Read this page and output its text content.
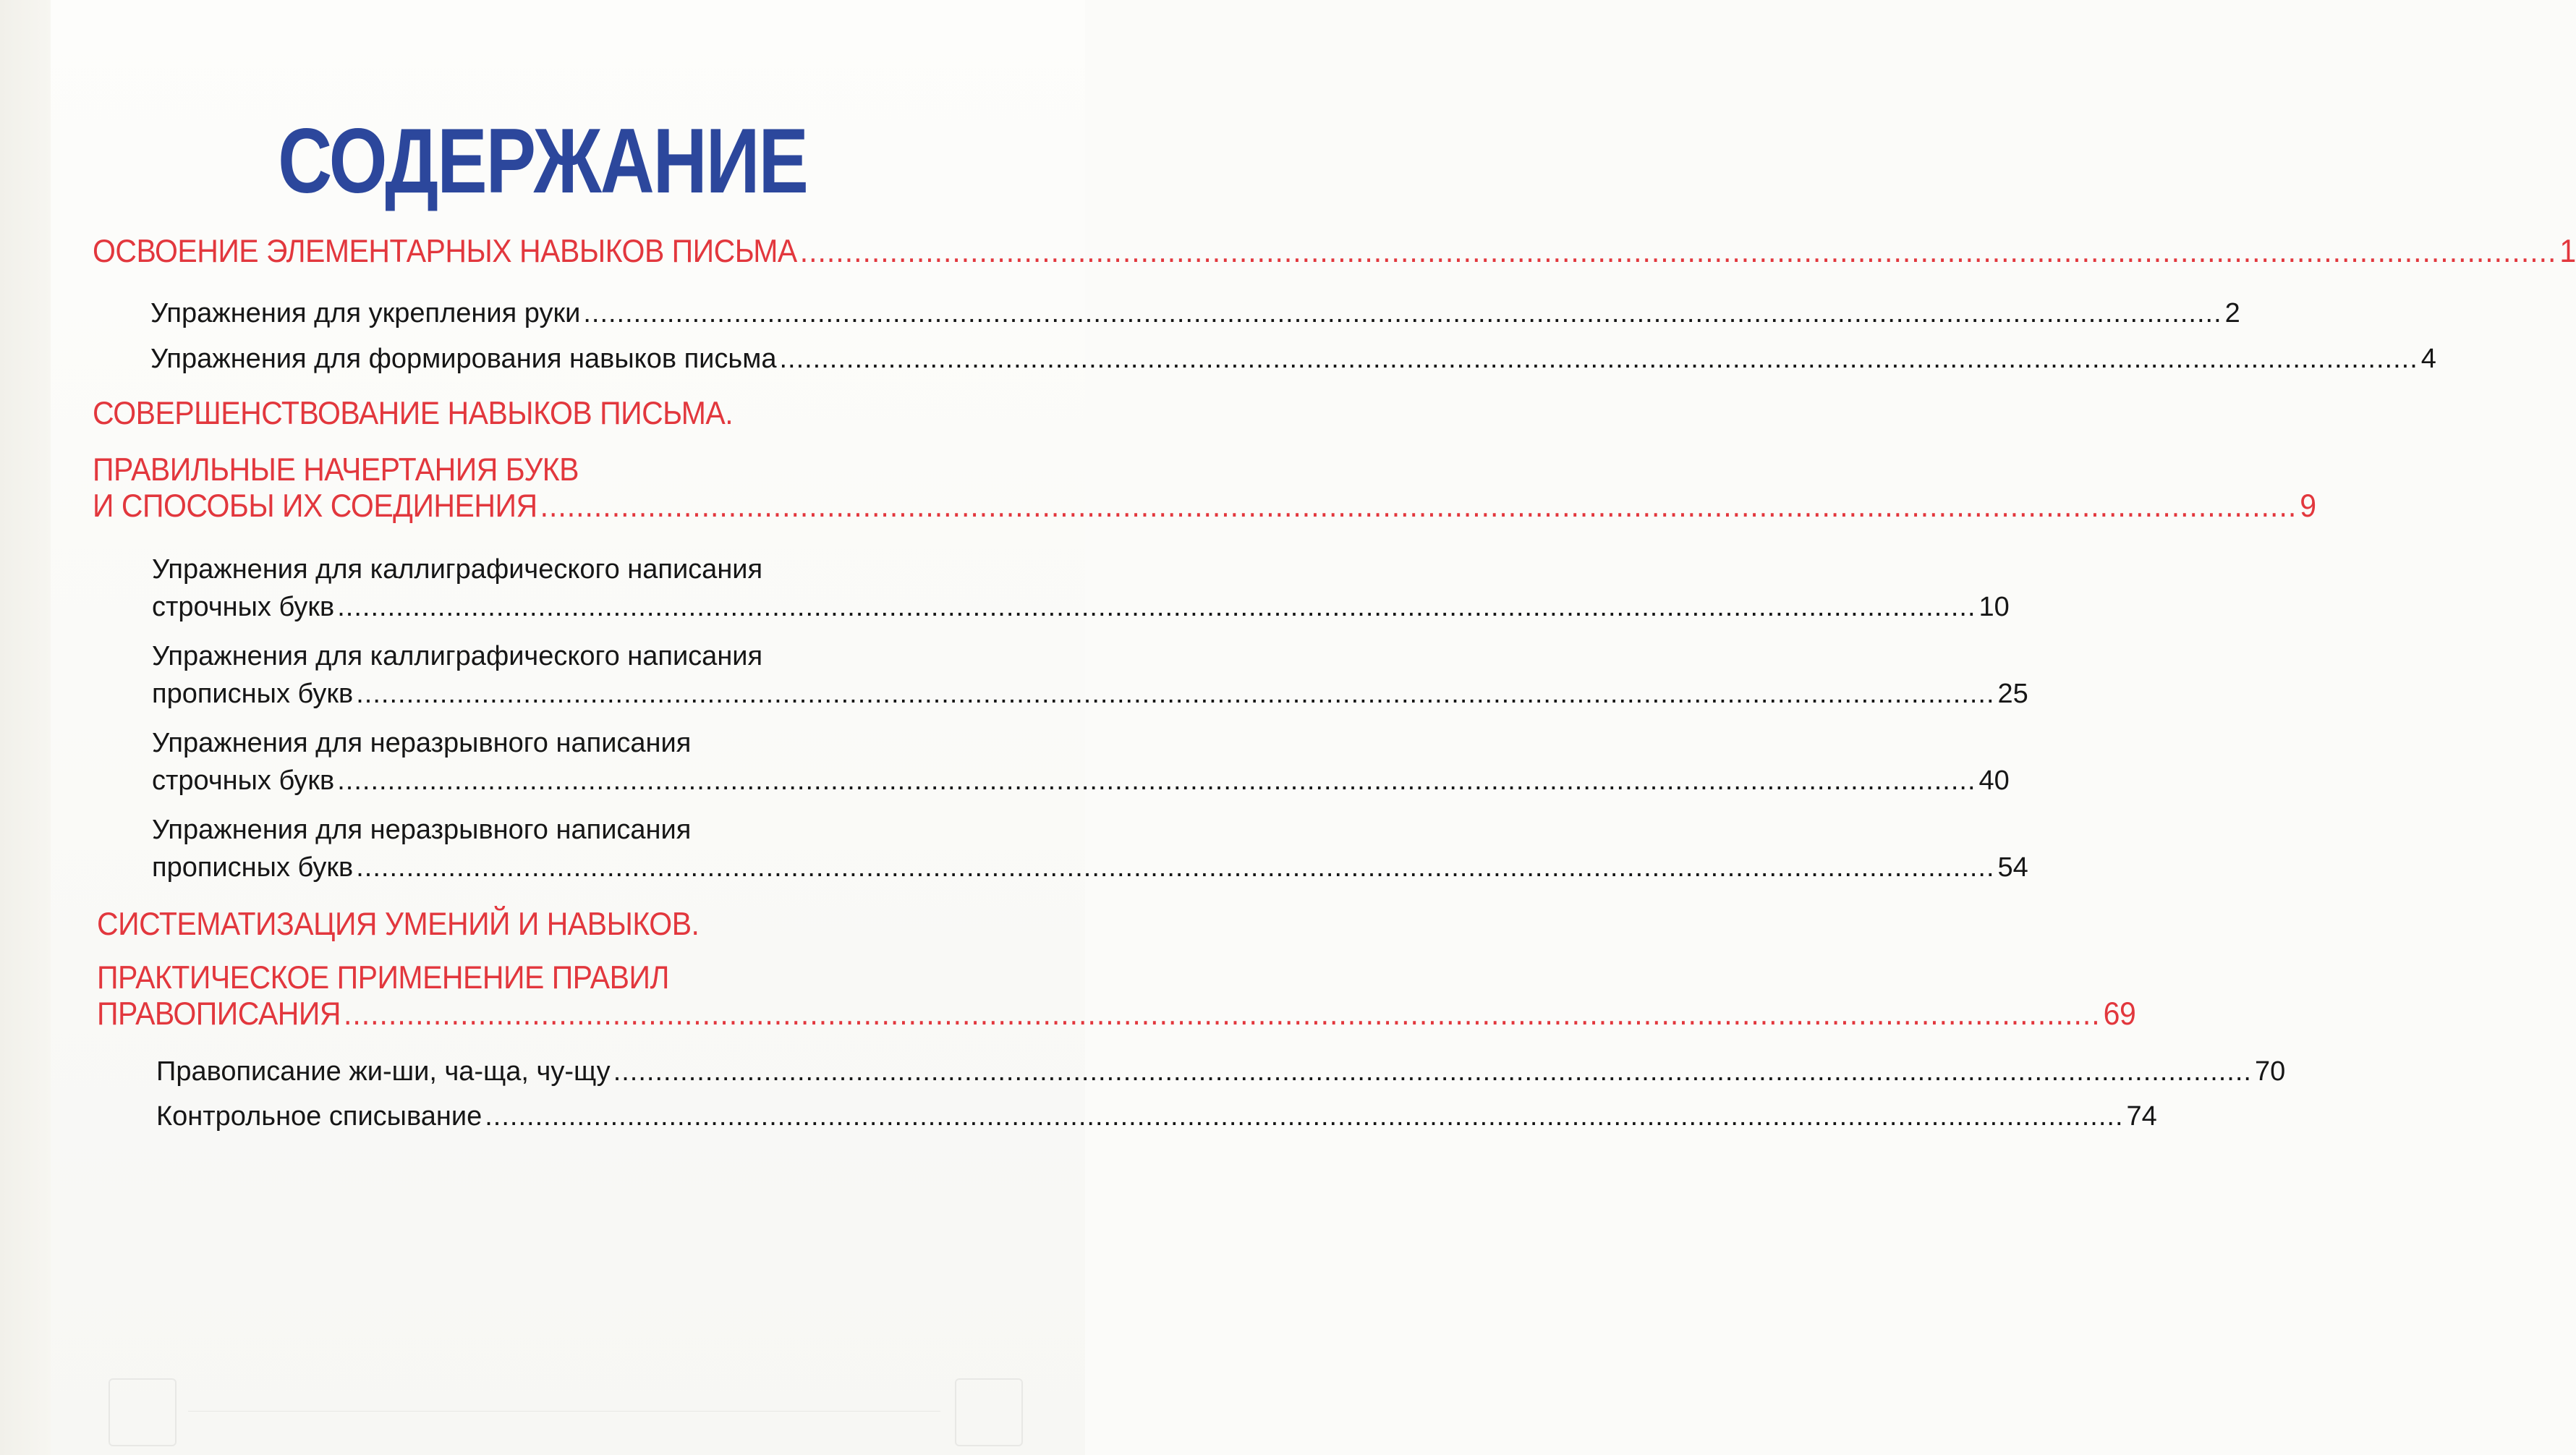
СОДЕРЖАНИЕ
ОСВОЕНИЕ ЭЛЕМЕНТАРНЫХ НАВЫКОВ ПИСЬМА .................................................................................................................................................................................................... 1
Упражнения для укрепления руки .................................................................................................................................................................................................... 2
Упражнения для формирования навыков письма .................................................................................................................................................................................................... 4
СОВЕРШЕНСТВОВАНИЕ НАВЫКОВ ПИСЬМА.
ПРАВИЛЬНЫЕ НАЧЕРТАНИЯ БУКВ
И СПОСОБЫ ИХ СОЕДИНЕНИЯ .................................................................................................................................................................................................... 9
Упражнения для каллиграфического написания
строчных букв .................................................................................................................................................................................................... 10
Упражнения для каллиграфического написания
прописных букв .................................................................................................................................................................................................... 25
Упражнения для неразрывного написания
строчных букв .................................................................................................................................................................................................... 40
Упражнения для неразрывного написания
прописных букв .................................................................................................................................................................................................... 54
СИСТЕМАТИЗАЦИЯ УМЕНИЙ И НАВЫКОВ.
ПРАКТИЧЕСКОЕ ПРИМЕНЕНИЕ ПРАВИЛ
ПРАВОПИСАНИЯ .................................................................................................................................................................................................... 69
Правописание жи-ши, ча-ща, чу-щу .................................................................................................................................................................................................... 70
Контрольное списывание .................................................................................................................................................................................................... 74
